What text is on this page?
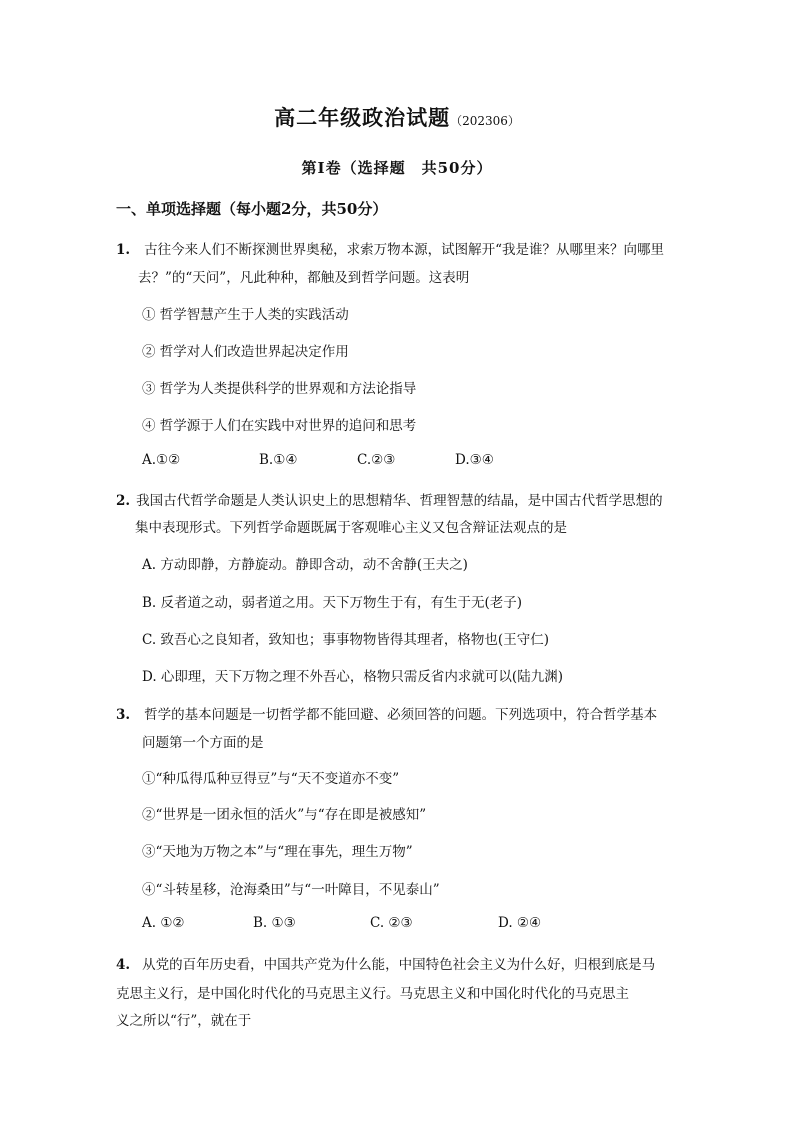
高二年级政治试题（202306）
第Ⅰ卷（选择题　共50分）
一、单项选择题（每小题2分，共50分）
1. 古往今来人们不断探测世界奥秘，求索万物本源，试图解开“我是谁？从哪里来？向哪里
去？”的“天问”，凡此种种，都触及到哲学问题。这表明
① 哲学智慧产生于人类的实践活动
② 哲学对人们改造世界起决定作用
③ 哲学为人类提供科学的世界观和方法论指导
④ 哲学源于人们在实践中对世界的追问和思考
A.①②	B.①④	C.②③	D.③④
2. 我国古代哲学命题是人类认识史上的思想精华、哲理智慧的结晶，是中国古代哲学思想的
集中表现形式。下列哲学命题既属于客观唯心主义又包含辩证法观点的是
A. 方动即静，方静旋动。静即含动，动不舍静(王夫之)
B. 反者道之动，弱者道之用。天下万物生于有，有生于无(老子)
C. 致吾心之良知者，致知也；事事物物皆得其理者，格物也(王守仁)
D. 心即理，天下万物之理不外吾心，格物只需反省内求就可以(陆九渊)
3. 哲学的基本问题是一切哲学都不能回避、必须回答的问题。下列选项中，符合哲学基本
问题第一个方面的是
①“种瓜得瓜种豆得豆”与“天不变道亦不变”
②“世界是一团永恒的活火”与“存在即是被感知”
③“天地为万物之本”与“理在事先，理生万物”
④“斗转星移，沧海桑田”与“一叶障目，不见泰山”
A. ①②	B. ①③	C. ②③	D. ②④
4. 从党的百年历史看，中国共产党为什么能，中国特色社会主义为什么好，归根到底是马
克思主义行，是中国化时代化的马克思主义行。马克思主义和中国化时代化的马克思主
义之所以“行”，就在于
